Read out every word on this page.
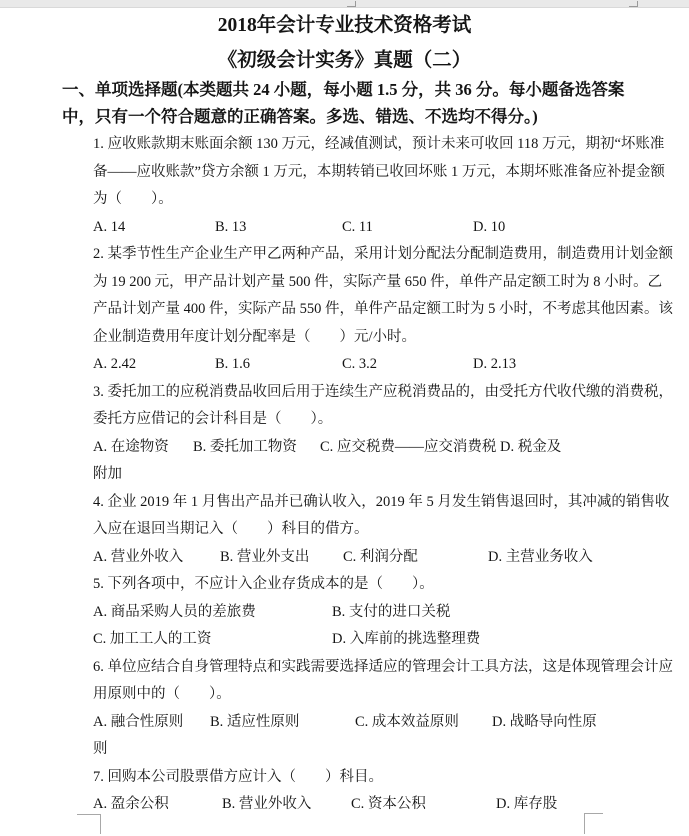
2018年会计专业技术资格考试
《初级会计实务》真题（二）
一、单项选择题(本类题共 24 小题，每小题 1.5 分，共 36 分。每小题备选答案
中，只有一个符合题意的正确答案。多选、错选、不选均不得分。)
1. 应收账款期末账面余额 130 万元，经减值测试，预计未来可收回 118 万元，期初“坏账准
备——应收账款”贷方余额 1 万元，本期转销已收回坏账 1 万元，本期坏账准备应补提金额
为（　　）。
A. 14	B. 13	C. 11	D. 10
2. 某季节性生产企业生产甲乙两种产品，采用计划分配法分配制造费用，制造费用计划金额
为 19 200 元，甲产品计划产量 500 件，实际产量 650 件，单件产品定额工时为 8 小时。乙
产品计划产量 400 件，实际产品 550 件，单件产品定额工时为 5 小时，不考虑其他因素。该
企业制造费用年度计划分配率是（　　）元/小时。
A. 2.42	B. 1.6	C. 3.2	D. 2.13
3. 委托加工的应税消费品收回后用于连续生产应税消费品的，由受托方代收代缴的消费税，
委托方应借记的会计科目是（　　）。
A. 在途物资 B. 委托加工物资 C. 应交税费——应交消费税 D. 税金及
附加
4. 企业 2019 年 1 月售出产品并已确认收入，2019 年 5 月发生销售退回时，其冲减的销售收
入应在退回当期记入（　　）科目的借方。
A. 营业外收入	B. 营业外支出 C. 利润分配	D. 主营业务收入
5. 下列各项中，不应计入企业存货成本的是（　　）。
A. 商品采购人员的差旅费	B. 支付的进口关税
C. 加工工人的工资	D. 入库前的挑选整理费
6. 单位应结合自身管理特点和实践需要选择适应的管理会计工具方法，这是体现管理会计应
用原则中的（　　）。
A. 融合性原则 B. 适应性原则	C. 成本效益原则 D. 战略导向性原
则
7. 回购本公司股票借方应计入（　　）科目。
A. 盈余公积	B. 营业外收入	C. 资本公积	D. 库存股
